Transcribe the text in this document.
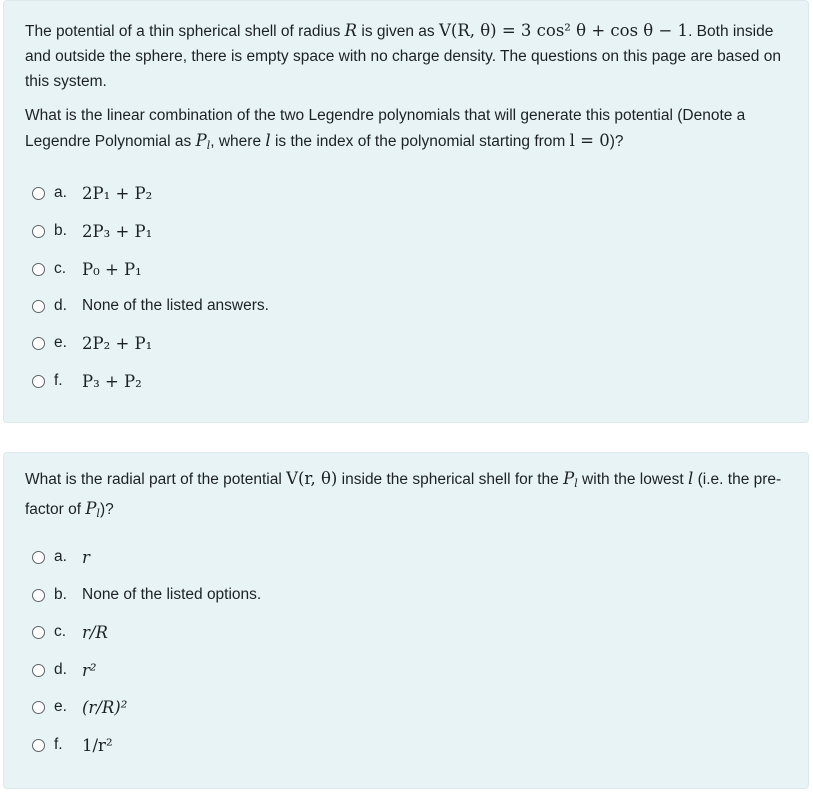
The potential of a thin spherical shell of radius R is given as V(R, θ) = 3 cos² θ + cos θ − 1. Both inside and outside the sphere, there is empty space with no charge density. The questions on this page are based on this system.
What is the linear combination of the two Legendre polynomials that will generate this potential (Denote a Legendre Polynomial as $P_l$, where l is the index of the polynomial starting from l = 0)?
a. 2P₁ + P₂
b. 2P₃ + P₁
c. P₀ + P₁
d. None of the listed answers.
e. 2P₂ + P₁
f.	P₃ + P₂
What is the radial part of the potential V(r, θ) inside the spherical shell for the $P_l$ with the lowest l (i.e. the pre-factor of $P_l$)?
a. r
b. None of the listed options.
c. r/R
d. r²
e. (r/R)²
f.	1/r²
